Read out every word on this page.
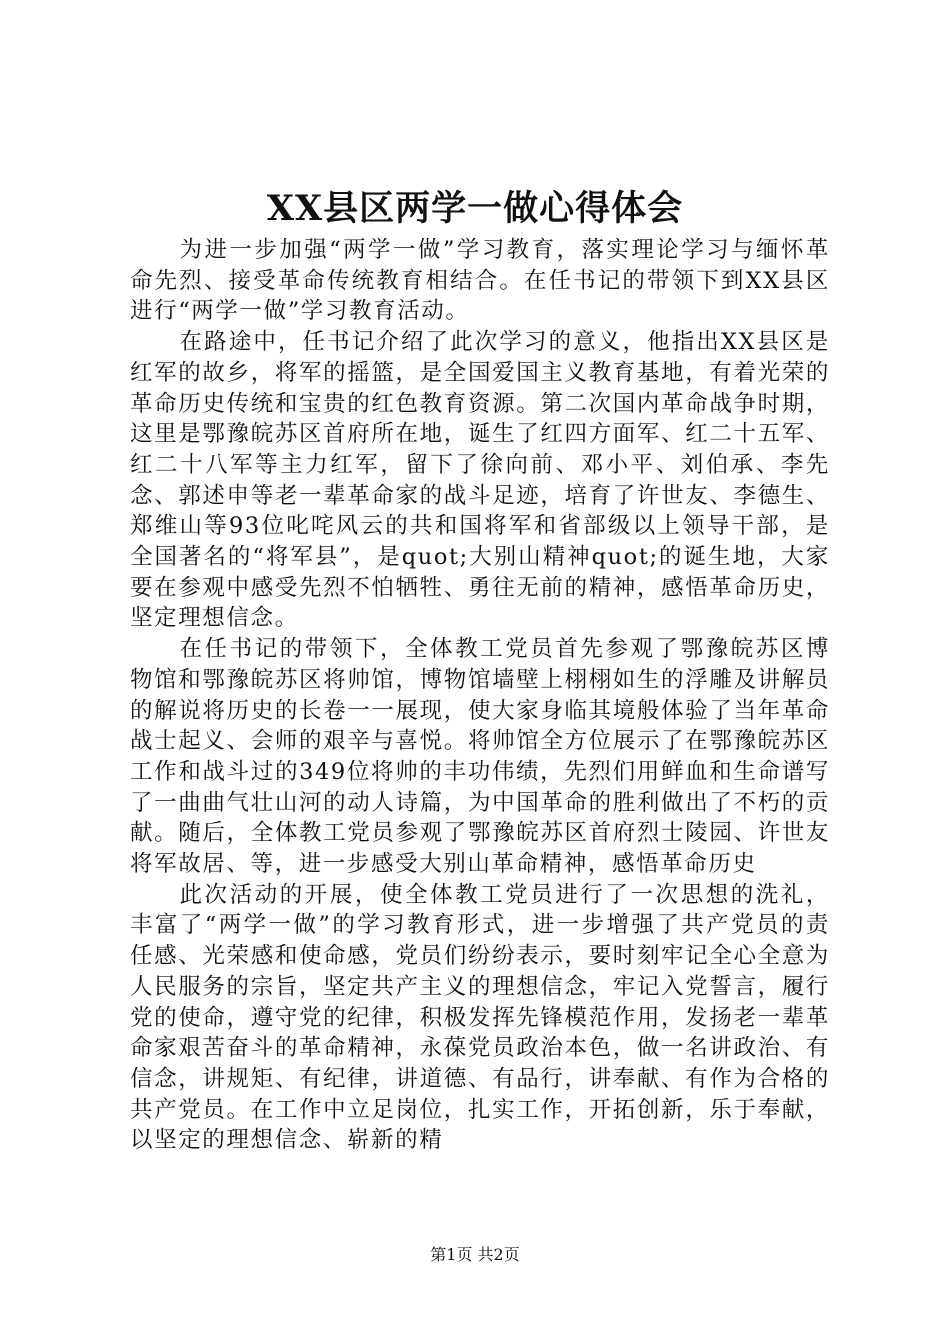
XX县区两学一做心得体会

为进一步加强“两学一做”学习教育，落实理论学习与缅怀革命先烈、接受革命传统教育相结合。在任书记的带领下到XX县区进行“两学一做”学习教育活动。

在路途中，任书记介绍了此次学习的意义，他指出XX县区是红军的故乡，将军的摇篮，是全国爱国主义教育基地，有着光荣的革命历史传统和宝贵的红色教育资源。第二次国内革命战争时期，这里是鄂豫皖苏区首府所在地，诞生了红四方面军、红二十五军、红二十八军等主力红军，留下了徐向前、邓小平、刘伯承、李先念、郭述申等老一辈革命家的战斗足迹，培育了许世友、李德生、郑维山等93位叱咤风云的共和国将军和省部级以上领导干部，是全国著名的“将军县”，是quot;大别山精神quot;的诞生地，大家要在参观中感受先烈不怕牺牲、勇往无前的精神，感悟革命历史，坚定理想信念。

在任书记的带领下，全体教工党员首先参观了鄂豫皖苏区博物馆和鄂豫皖苏区将帅馆，博物馆墙壁上栩栩如生的浮雕及讲解员的解说将历史的长卷一一展现，使大家身临其境般体验了当年革命战士起义、会师的艰辛与喜悦。将帅馆全方位展示了在鄂豫皖苏区工作和战斗过的349位将帅的丰功伟绩，先烈们用鲜血和生命谱写了一曲曲气壮山河的动人诗篇，为中国革命的胜利做出了不朽的贡献。随后，全体教工党员参观了鄂豫皖苏区首府烈士陵园、许世友将军故居、等，进一步感受大别山革命精神，感悟革命历史

此次活动的开展，使全体教工党员进行了一次思想的洗礼，丰富了“两学一做”的学习教育形式，进一步增强了共产党员的责任感、光荣感和使命感，党员们纷纷表示，要时刻牢记全心全意为人民服务的宗旨，坚定共产主义的理想信念，牢记入党誓言，履行党的使命，遵守党的纪律，积极发挥先锋模范作用，发扬老一辈革命家艰苦奋斗的革命精神，永葆党员政治本色，做一名讲政治、有信念，讲规矩、有纪律，讲道德、有品行，讲奉献、有作为合格的共产党员。在工作中立足岗位，扎实工作，开拓创新，乐于奉献，以坚定的理想信念、崭新的精

第1页 共2页
